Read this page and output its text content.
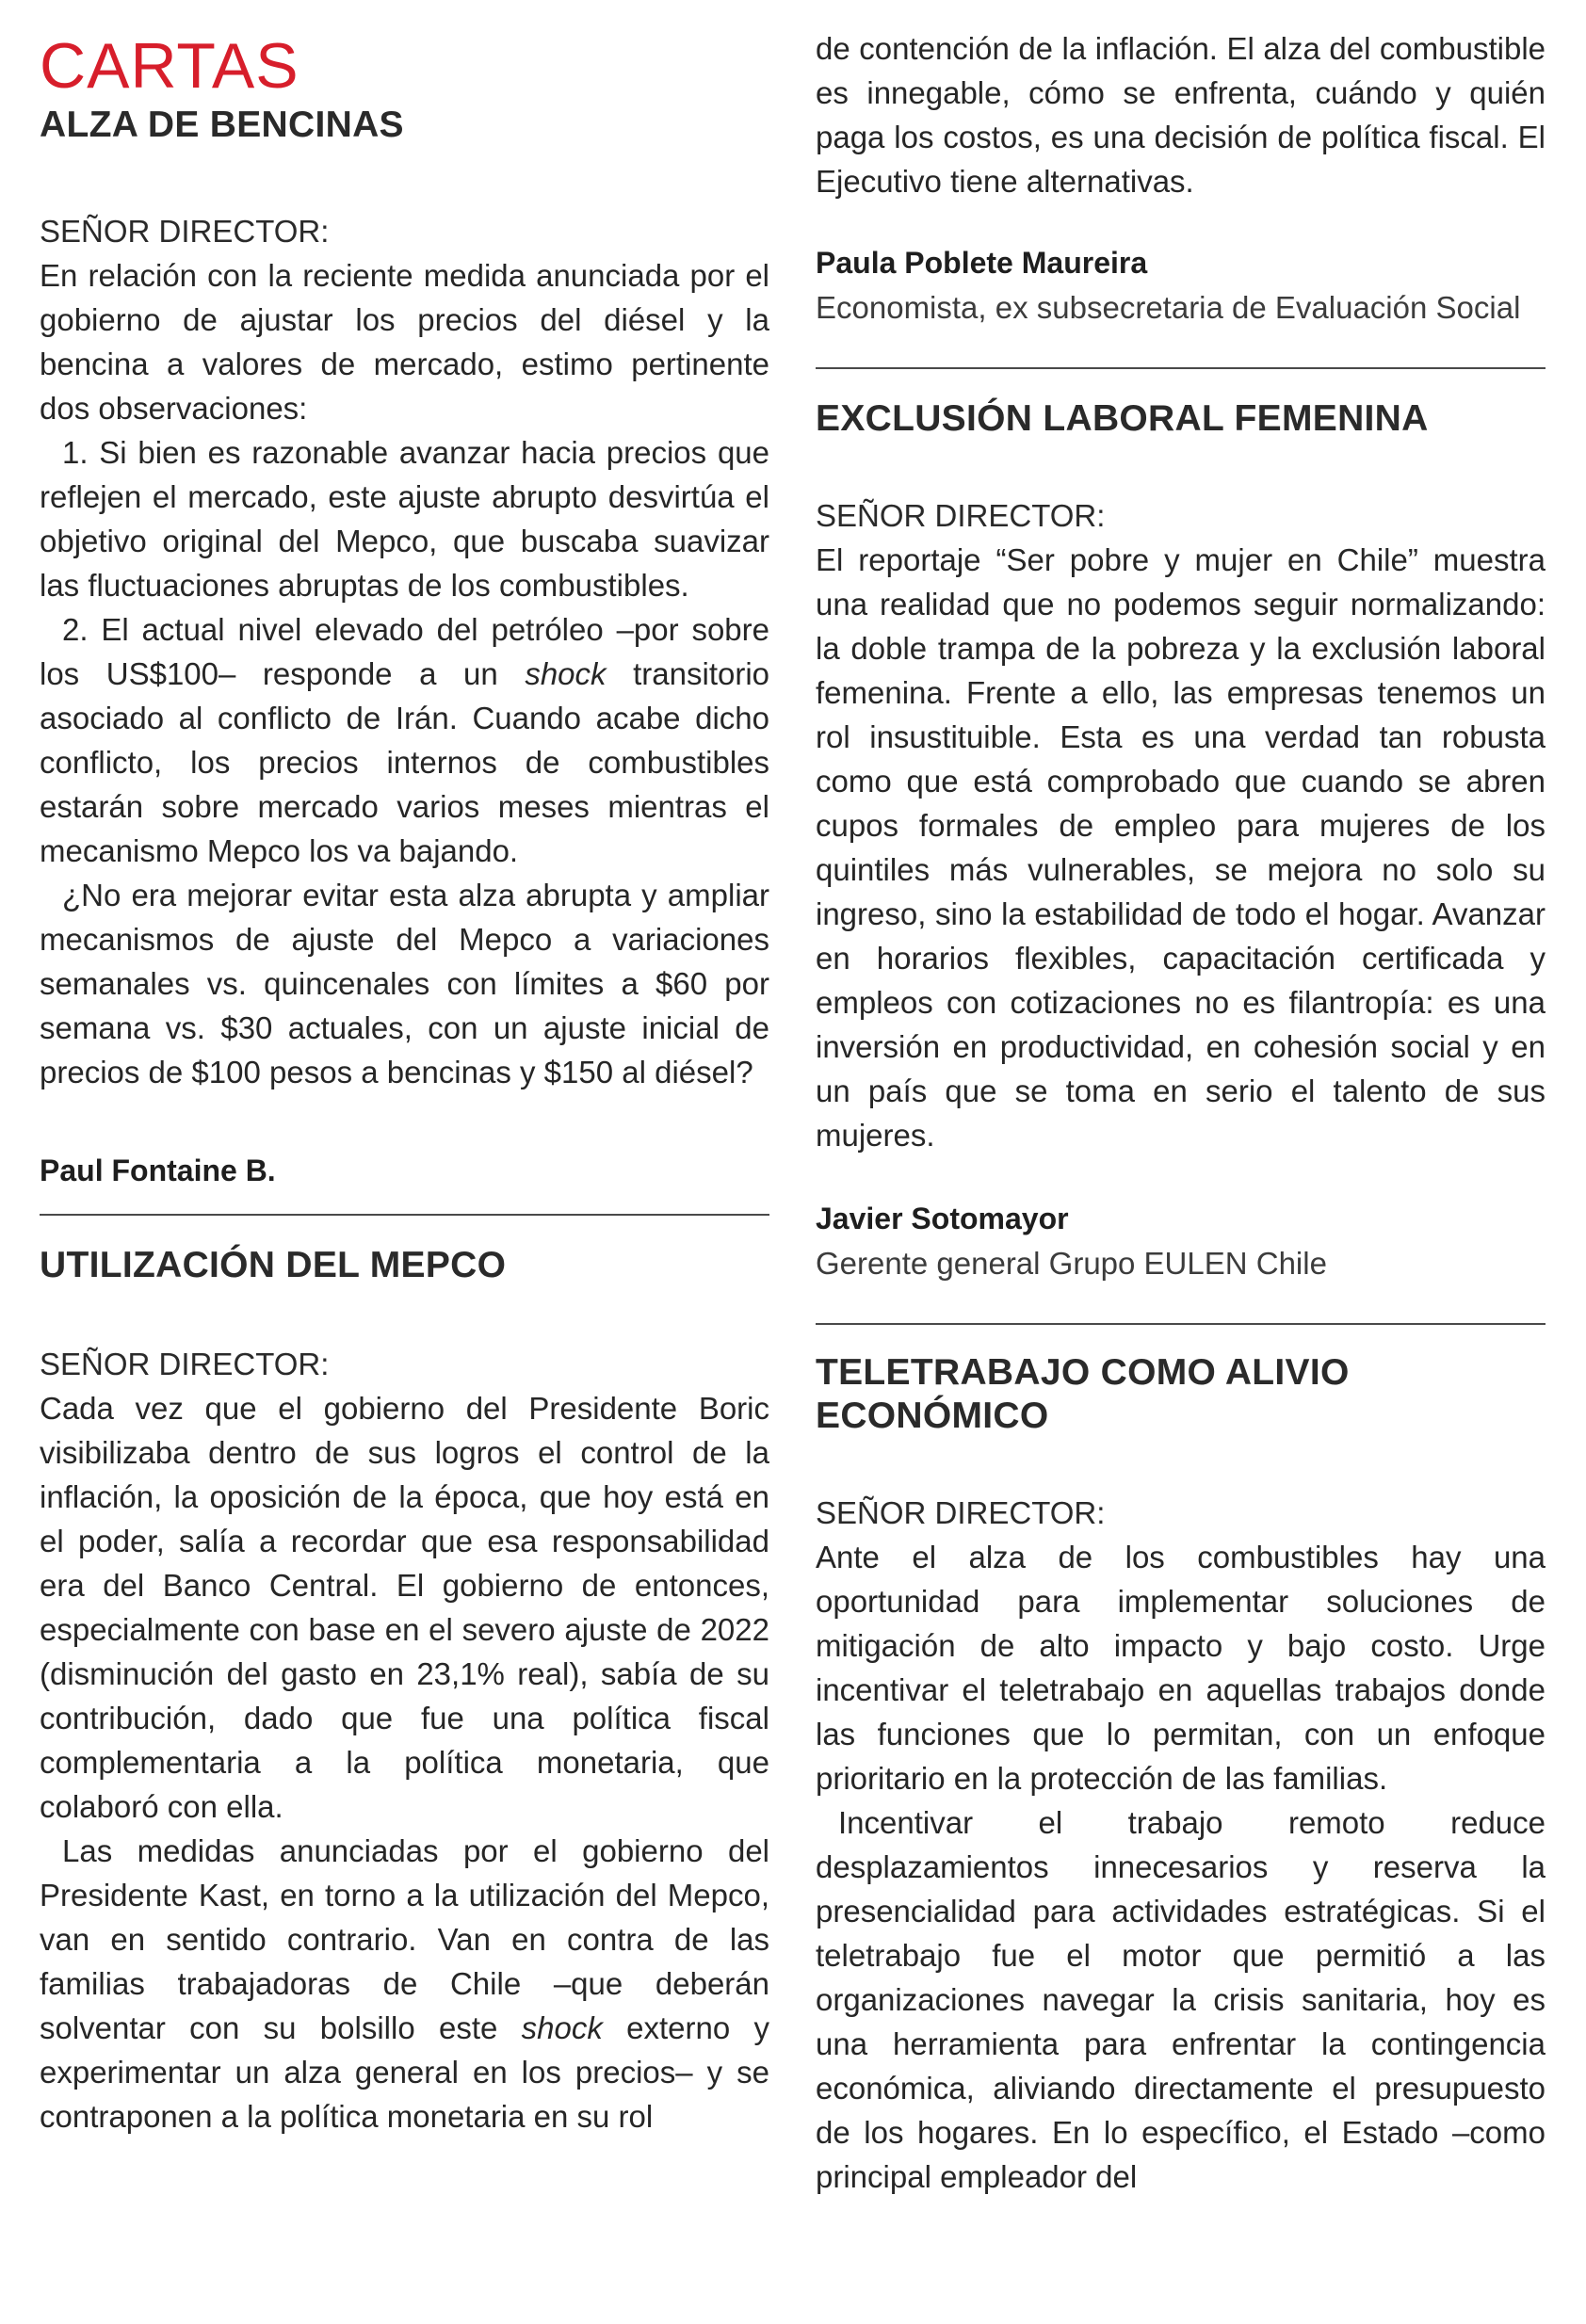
CARTAS
ALZA DE BENCINAS
SEÑOR DIRECTOR:

En relación con la reciente medida anunciada por el gobierno de ajustar los precios del diésel y la bencina a valores de mercado, estimo pertinente dos observaciones:

1. Si bien es razonable avanzar hacia precios que reflejen el mercado, este ajuste abrupto desvirtúa el objetivo original del Mepco, que buscaba suavizar las fluctuaciones abruptas de los combustibles.

2. El actual nivel elevado del petróleo –por sobre los US$100– responde a un shock transitorio asociado al conflicto de Irán. Cuando acabe dicho conflicto, los precios internos de combustibles estarán sobre mercado varios meses mientras el mecanismo Mepco los va bajando.

¿No era mejorar evitar esta alza abrupta y ampliar mecanismos de ajuste del Mepco a variaciones semanales vs. quincenales con límites a $60 por semana vs. $30 actuales, con un ajuste inicial de precios de $100 pesos a bencinas y $150 al diésel?

Paul Fontaine B.
UTILIZACIÓN DEL MEPCO
SEÑOR DIRECTOR:

Cada vez que el gobierno del Presidente Boric visibilizaba dentro de sus logros el control de la inflación, la oposición de la época, que hoy está en el poder, salía a recordar que esa responsabilidad era del Banco Central. El gobierno de entonces, especialmente con base en el severo ajuste de 2022 (disminución del gasto en 23,1% real), sabía de su contribución, dado que fue una política fiscal complementaria a la política monetaria, que colaboró con ella.

Las medidas anunciadas por el gobierno del Presidente Kast, en torno a la utilización del Mepco, van en sentido contrario. Van en contra de las familias trabajadoras de Chile –que deberán solventar con su bolsillo este shock externo y experimentar un alza general en los precios– y se contraponen a la política monetaria en su rol

de contención de la inflación. El alza del combustible es innegable, cómo se enfrenta, cuándo y quién paga los costos, es una decisión de política fiscal. El Ejecutivo tiene alternativas.

Paula Poblete Maureira
Economista, ex subsecretaria de Evaluación Social
EXCLUSIÓN LABORAL FEMENINA
SEÑOR DIRECTOR:

El reportaje “Ser pobre y mujer en Chile” muestra una realidad que no podemos seguir normalizando: la doble trampa de la pobreza y la exclusión laboral femenina. Frente a ello, las empresas tenemos un rol insustituible. Esta es una verdad tan robusta como que está comprobado que cuando se abren cupos formales de empleo para mujeres de los quintiles más vulnerables, se mejora no solo su ingreso, sino la estabilidad de todo el hogar. Avanzar en horarios flexibles, capacitación certificada y empleos con cotizaciones no es filantropía: es una inversión en productividad, en cohesión social y en un país que se toma en serio el talento de sus mujeres.

Javier Sotomayor
Gerente general Grupo EULEN Chile
TELETRABAJO COMO ALIVIO ECONÓMICO
SEÑOR DIRECTOR:

Ante el alza de los combustibles hay una oportunidad para implementar soluciones de mitigación de alto impacto y bajo costo. Urge incentivar el teletrabajo en aquellas trabajos donde las funciones que lo permitan, con un enfoque prioritario en la protección de las familias.

Incentivar el trabajo remoto reduce desplazamientos innecesarios y reserva la presencialidad para actividades estratégicas. Si el teletrabajo fue el motor que permitió a las organizaciones navegar la crisis sanitaria, hoy es una herramienta para enfrentar la contingencia económica, aliviando directamente el presupuesto de los hogares. En lo específico, el Estado –como principal empleador del
